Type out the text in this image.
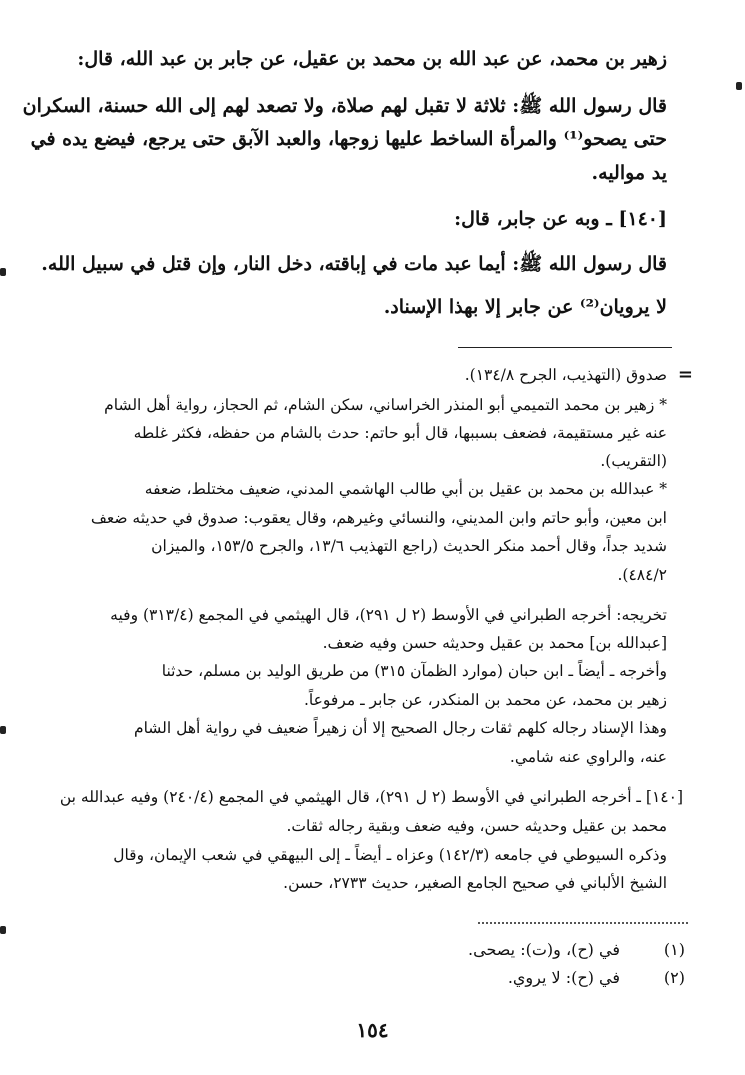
زهير بن محمد، عن عبد الله بن محمد بن عقيل، عن جابر بن عبد الله، قال:
قال رسول الله ﷺ: ثلاثة لا تقبل لهم صلاة، ولا تصعد لهم إلى الله حسنة، السكران
حتى يصحو⁽¹⁾ والمرأة الساخط عليها زوجها، والعبد الآبق حتى يرجع، فيضع يده في
يد مواليه.
[١٤٠] ـ وبه عن جابر، قال:
قال رسول الله ﷺ: أيما عبد مات في إباقته، دخل النار، وإن قتل في سبيل الله.
لا يرويان⁽²⁾ عن جابر إلا بهذا الإسناد.
=
صدوق (التهذيب، الجرح ١٣٤/٨).
* زهير بن محمد التميمي أبو المنذر الخراساني، سكن الشام، ثم الحجاز، رواية أهل الشام
عنه غير مستقيمة، فضعف بسببها، قال أبو حاتم: حدث بالشام من حفظه، فكثر غلطه
(التقريب).
* عبدالله بن محمد بن عقيل بن أبي طالب الهاشمي المدني، ضعيف مختلط، ضعفه
ابن معين، وأبو حاتم وابن المديني، والنسائي وغيرهم، وقال يعقوب: صدوق في حديثه ضعف
شديد جداً، وقال أحمد منكر الحديث (راجع التهذيب ١٣/٦، والجرح ١٥٣/٥، والميزان
٤٨٤/٢).
تخريجه: أخرجه الطبراني في الأوسط (٢ ل ٢٩١)، قال الهيثمي في المجمع (٣١٣/٤) وفيه
[عبدالله بن] محمد بن عقيل وحديثه حسن وفيه ضعف.
وأخرجه ـ أيضاً ـ ابن حبان (موارد الظمآن ٣١٥) من طريق الوليد بن مسلم، حدثنا
زهير بن محمد، عن محمد بن المنكدر، عن جابر ـ مرفوعاً.
وهذا الإسناد رجاله كلهم ثقات رجال الصحيح إلا أن زهيراً ضعيف في رواية أهل الشام
عنه، والراوي عنه شامي.
[١٤٠] ـ أخرجه الطبراني في الأوسط (٢ ل ٢٩١)، قال الهيثمي في المجمع (٢٤٠/٤) وفيه عبدالله بن
محمد بن عقيل وحديثه حسن، وفيه ضعف وبقية رجاله ثقات.
وذكره السيوطي في جامعه (١٤٢/٣) وعزاه ـ أيضاً ـ إلى البيهقي في شعب الإيمان، وقال
الشيخ الألباني في صحيح الجامع الصغير، حديث ٢٧٣٣، حسن.
(١)
في (ح)، و(ت): يصحى.
(٢)
في (ح): لا يروي.
١٥٤
